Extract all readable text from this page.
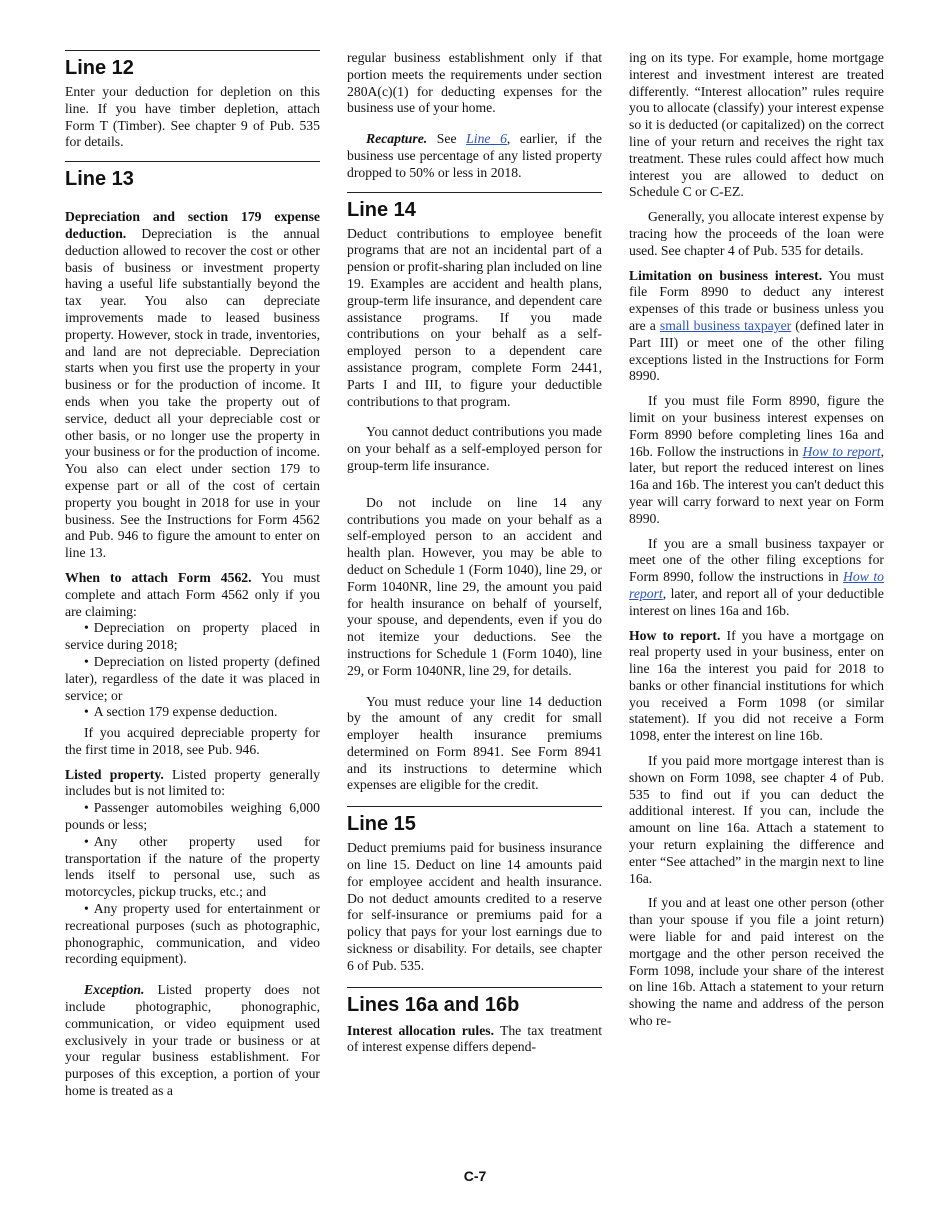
Line 12

Enter your deduction for depletion on this line. If you have timber depletion, attach Form T (Timber). See chapter 9 of Pub. 535 for details.

Line 13

Depreciation and section 179 expense deduction. Depreciation is the annual deduction allowed to recover the cost or other basis of business or investment property having a useful life substantially beyond the tax year. You also can depreciate improvements made to leased business property. However, stock in trade, inventories, and land are not depreciable. Depreciation starts when you first use the property in your business or for the production of income. It ends when you take the property out of service, deduct all your depreciable cost or other basis, or no longer use the property in your business or for the production of income. You also can elect under section 179 to expense part or all of the cost of certain property you bought in 2018 for use in your business. See the Instructions for Form 4562 and Pub. 946 to figure the amount to enter on line 13.

When to attach Form 4562. You must complete and attach Form 4562 only if you are claiming:

• Depreciation on property placed in service during 2018;

• Depreciation on listed property (defined later), regardless of the date it was placed in service; or

• A section 179 expense deduction.

If you acquired depreciable property for the first time in 2018, see Pub. 946.

Listed property. Listed property generally includes but is not limited to:

• Passenger automobiles weighing 6,000 pounds or less;

• Any other property used for transportation if the nature of the property lends itself to personal use, such as motorcycles, pickup trucks, etc.; and

• Any property used for entertainment or recreational purposes (such as photographic, phonographic, communication, and video recording equipment).

Exception. Listed property does not include photographic, phonographic, communication, or video equipment used exclusively in your trade or business or at your regular business establishment. For purposes of this exception, a portion of your home is treated as a

regular business establishment only if that portion meets the requirements under section 280A(c)(1) for deducting expenses for the business use of your home.

Recapture. See Line 6, earlier, if the business use percentage of any listed property dropped to 50% or less in 2018.

Line 14

Deduct contributions to employee benefit programs that are not an incidental part of a pension or profit-sharing plan included on line 19. Examples are accident and health plans, group-term life insurance, and dependent care assistance programs. If you made contributions on your behalf as a self-employed person to a dependent care assistance program, complete Form 2441, Parts I and III, to figure your deductible contributions to that program.

You cannot deduct contributions you made on your behalf as a self-employed person for group-term life insurance.

Do not include on line 14 any contributions you made on your behalf as a self-employed person to an accident and health plan. However, you may be able to deduct on Schedule 1 (Form 1040), line 29, or Form 1040NR, line 29, the amount you paid for health insurance on behalf of yourself, your spouse, and dependents, even if you do not itemize your deductions. See the instructions for Schedule 1 (Form 1040), line 29, or Form 1040NR, line 29, for details.

You must reduce your line 14 deduction by the amount of any credit for small employer health insurance premiums determined on Form 8941. See Form 8941 and its instructions to determine which expenses are eligible for the credit.

Line 15

Deduct premiums paid for business insurance on line 15. Deduct on line 14 amounts paid for employee accident and health insurance. Do not deduct amounts credited to a reserve for self-insurance or premiums paid for a policy that pays for your lost earnings due to sickness or disability. For details, see chapter 6 of Pub. 535.

Lines 16a and 16b

Interest allocation rules. The tax treatment of interest expense differs depend-

ing on its type. For example, home mortgage interest and investment interest are treated differently. “Interest allocation” rules require you to allocate (classify) your interest expense so it is deducted (or capitalized) on the correct line of your return and receives the right tax treatment. These rules could affect how much interest you are allowed to deduct on Schedule C or C-EZ.

Generally, you allocate interest expense by tracing how the proceeds of the loan were used. See chapter 4 of Pub. 535 for details.

Limitation on business interest. You must file Form 8990 to deduct any interest expenses of this trade or business unless you are a small business taxpayer (defined later in Part III) or meet one of the other filing exceptions listed in the Instructions for Form 8990.

If you must file Form 8990, figure the limit on your business interest expenses on Form 8990 before completing lines 16a and 16b. Follow the instructions in How to report, later, but report the reduced interest on lines 16a and 16b. The interest you can't deduct this year will carry forward to next year on Form 8990.

If you are a small business taxpayer or meet one of the other filing exceptions for Form 8990, follow the instructions in How to report, later, and report all of your deductible interest on lines 16a and 16b.

How to report. If you have a mortgage on real property used in your business, enter on line 16a the interest you paid for 2018 to banks or other financial institutions for which you received a Form 1098 (or similar statement). If you did not receive a Form 1098, enter the interest on line 16b.

If you paid more mortgage interest than is shown on Form 1098, see chapter 4 of Pub. 535 to find out if you can deduct the additional interest. If you can, include the amount on line 16a. Attach a statement to your return explaining the difference and enter “See attached” in the margin next to line 16a.

If you and at least one other person (other than your spouse if you file a joint return) were liable for and paid interest on the mortgage and the other person received the Form 1098, include your share of the interest on line 16b. Attach a statement to your return showing the name and address of the person who re-

C-7
